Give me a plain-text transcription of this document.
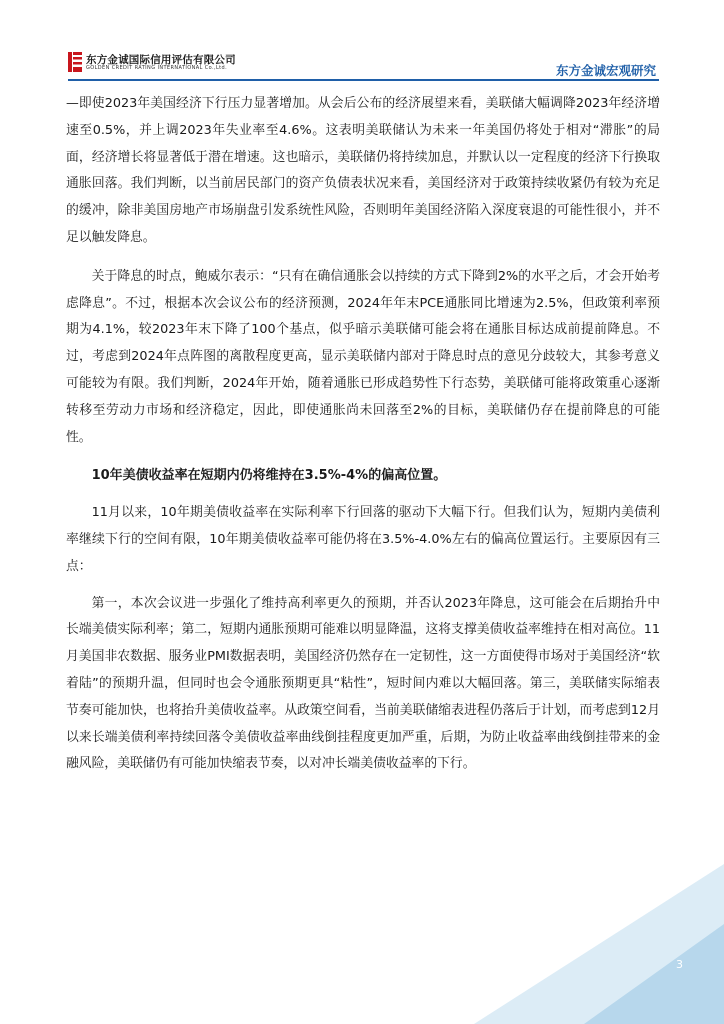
东方金诚国际信用评估有限公司
GOLDEN CREDIT RATING INTERNATIONAL Co.,Ltd.	东方金诚宏观研究

—即使2023年美国经济下行压力显著增加。从会后公布的经济展望来看，美联储大幅调降2023年经济增速至0.5%，并上调2023年失业率至4.6%。这表明美联储认为未来一年美国仍将处于相对“滞胀”的局面，经济增长将显著低于潜在增速。这也暗示，美联储仍将持续加息，并默认以一定程度的经济下行换取通胀回落。我们判断，以当前居民部门的资产负债表状况来看，美国经济对于政策持续收紧仍有较为充足的缓冲，除非美国房地产市场崩盘引发系统性风险，否则明年美国经济陷入深度衰退的可能性很小，并不足以触发降息。

关于降息的时点，鲍威尔表示：“只有在确信通胀会以持续的方式下降到2%的水平之后，才会开始考虑降息”。不过，根据本次会议公布的经济预测，2024年年末PCE通胀同比增速为2.5%，但政策利率预期为4.1%，较2023年末下降了100个基点，似乎暗示美联储可能会将在通胀目标达成前提前降息。不过，考虑到2024年点阵图的离散程度更高，显示美联储内部对于降息时点的意见分歧较大，其参考意义可能较为有限。我们判断，2024年开始，随着通胀已形成趋势性下行态势，美联储可能将政策重心逐渐转移至劳动力市场和经济稳定，因此，即使通胀尚未回落至2%的目标，美联储仍存在提前降息的可能性。

10年美债收益率在短期内仍将维持在3.5%-4%的偏高位置。

11月以来，10年期美债收益率在实际利率下行回落的驱动下大幅下行。但我们认为，短期内美债利率继续下行的空间有限，10年期美债收益率可能仍将在3.5%-4.0%左右的偏高位置运行。主要原因有三点：

第一，本次会议进一步强化了维持高利率更久的预期，并否认2023年降息，这可能会在后期抬升中长端美债实际利率；第二，短期内通胀预期可能难以明显降温，这将支撑美债收益率维持在相对高位。11月美国非农数据、服务业PMI数据表明，美国经济仍然存在一定韧性，这一方面使得市场对于美国经济“软着陆”的预期升温，但同时也会令通胀预期更具“粘性”，短时间内难以大幅回落。第三，美联储实际缩表节奏可能加快，也将抬升美债收益率。从政策空间看，当前美联储缩表进程仍落后于计划，而考虑到12月以来长端美债利率持续回落令美债收益率曲线倒挂程度更加严重，后期，为防止收益率曲线倒挂带来的金融风险，美联储仍有可能加快缩表节奏，以对冲长端美债收益率的下行。

3
